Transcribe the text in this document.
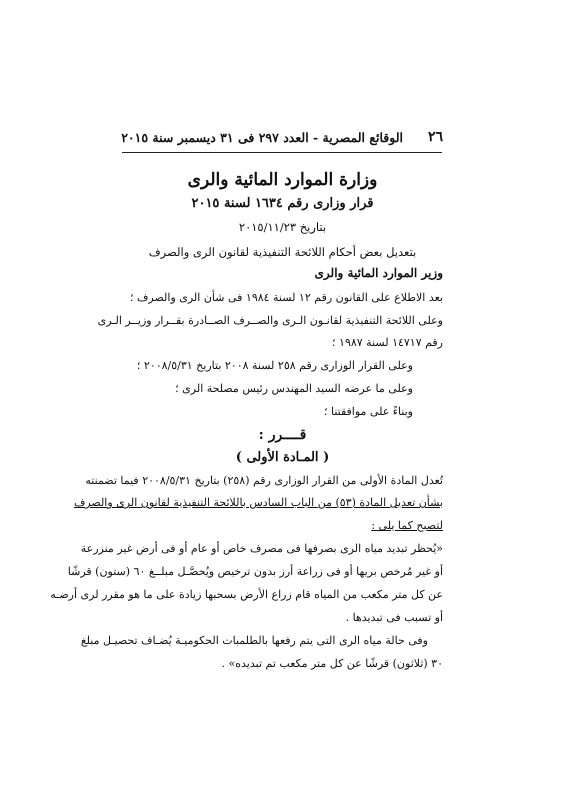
٢٦
الوقائع المصرية - العدد ٢٩٧ فى ٣١ ديسمبر سنة ٢٠١٥
وزارة الموارد المائية والرى
قرار وزارى رقم ١٦٣٤ لسنة ٢٠١٥
بتاريخ ٢٠١٥/١١/٢٣
بتعديل بعض أحكام اللائحة التنفيذية لقانون الرى والصرف
وزير الموارد المائية والرى
بعد الاطلاع على القانون رقم ١٢ لسنة ١٩٨٤ فى شأن الرى والصرف ؛
وعلى اللائحة التنفيذية لقانـون الـرى والصــرف الصــادرة بقــرار وزيــر الـرى
رقم ١٤٧١٧ لسنة ١٩٨٧ ؛
وعلى القرار الوزارى رقم ٢٥٨ لسنة ٢٠٠٨ بتاريخ ٢٠٠٨/٥/٣١ ؛
وعلى ما عرضه السيد المهندس رئيس مصلحة الرى ؛
وبناءً على موافقتنا ؛
قــــرر :
( المـادة الأولى )
تُعدل المادة الأولى من القرار الوزارى رقم (٢٥٨) بتاريخ ٢٠٠٨/٥/٣١ فيما تضمنته
بشأن تعديل المادة (٥٣) من الباب السادس باللائحة التنفيذية لقانون الرى والصرف
لتصبح كما يلى :
«يُحظر تبديد مياه الرى بصرفها فى مصرف خاص أو عام أو فى أرض غير منزرعة
أو غير مُرخص بريها أو فى زراعة أرز بدون ترخيص ويُحصَّـل مبلــغ ٦٠ (ستون) قرشًا
عن كل متر مكعب من المياه قام زراع الأرض بسحبها زيادة على ما هو مقرر لرى أرضـه
أو تسبب فى تبديدها .
وفى حالة مياه الرى التى يتم رفعها بالطلمبات الحكوميـة يُضـاف تحصيـل مبلغ
٣٠ (ثلاثون) قرشًا عن كل متر مكعب تم تبديده» .
